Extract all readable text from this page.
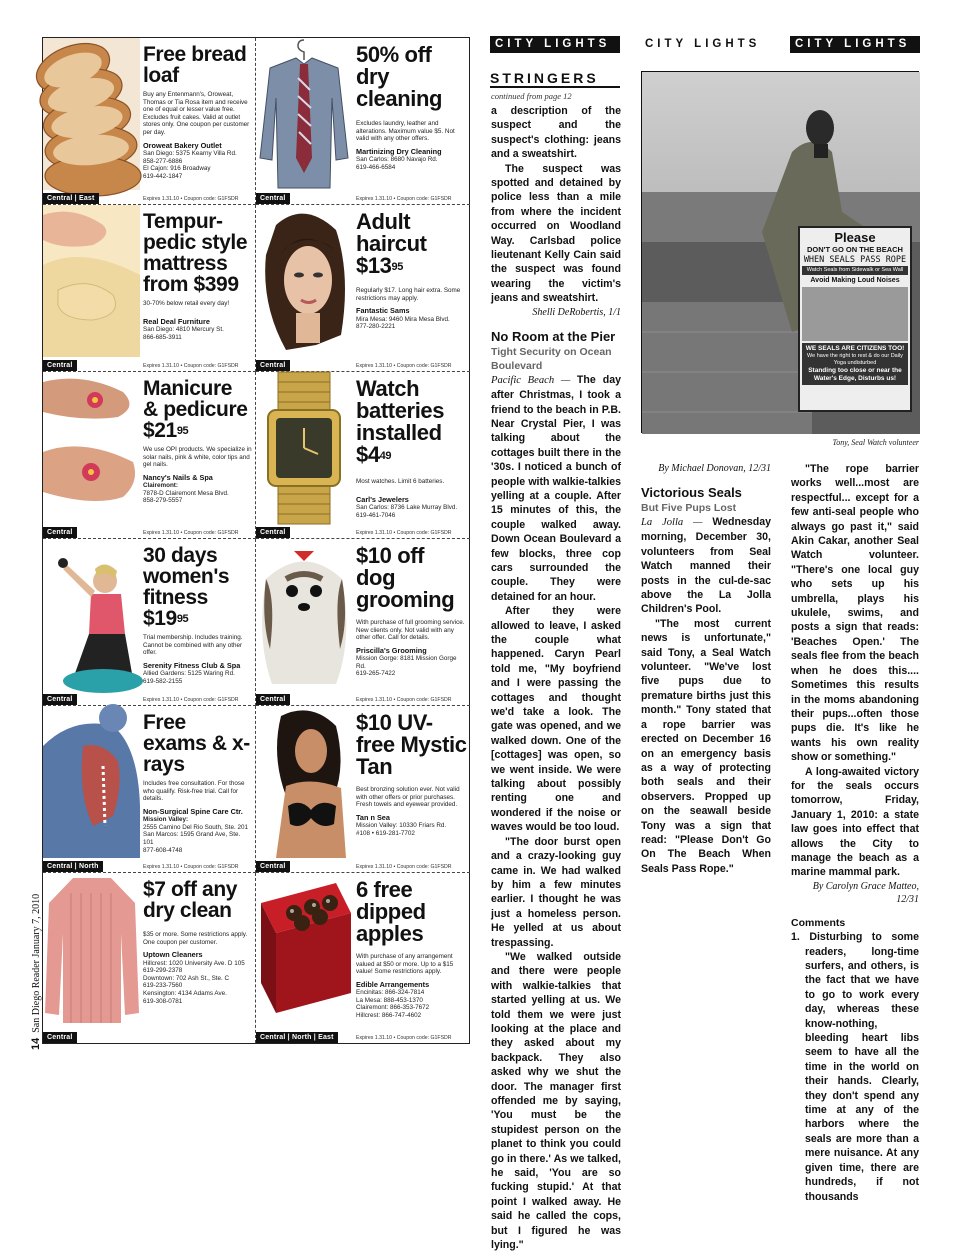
Free bread loaf
Buy any Entenmann's, Oroweat, Thomas or Tia Rosa item and receive one of equal or lesser value free. Excludes fruit cakes. Valid at outlet stores only. One coupon per customer per day.
Oroweat Bakery Outlet
San Diego: 5375 Kearny Villa Rd.
858-277-6886
El Cajon: 916 Broadway
619-442-1847
Central | East	Expires 1.31.10 • Coupon code: G1FSDR
50% off dry cleaning
Excludes laundry, leather and alterations. Maximum value $5. Not valid with any other offers.
Martinizing Dry Cleaning
San Carlos: 8680 Navajo Rd.
619-466-6584
Central	Expires 1.31.10 • Coupon code: G1FSDR
Tempur-pedic style mattress from $399
30-70% below retail every day!
Real Deal Furniture
San Diego: 4810 Mercury St.
866-685-3911
Central	Expires 1.31.10 • Coupon code: G1FSDR
Adult haircut $\$13^{95}$
Regularly $17. Long hair extra. Some restrictions may apply.
Fantastic Sams
Mira Mesa: 9460 Mira Mesa Blvd.
877-280-2221
Central	Expires 1.31.10 • Coupon code: G1FSDR
Manicure & pedicure $\$21^{95}$
We use OPI products. We specialize in solar nails, pink & white, color tips and gel nails.
Nancy's Nails & Spa
Clairemont:
7878-D Clairemont Mesa Blvd.
858-279-5557
Central	Expires 1.31.10 • Coupon code: G1FSDR
Watch batteries installed $\$4^{49}$
Most watches. Limit 6 batteries.
Carl's Jewelers
San Carlos: 8736 Lake Murray Blvd.
619-461-7046
Central	Expires 1.31.10 • Coupon code: G1FSDR
30 days women's fitness $\$19^{95}$
Trial membership. Includes training. Cannot be combined with any other offer.
Serenity Fitness Club & Spa
Allied Gardens: 5125 Waring Rd.
619-582-2155
Central	Expires 1.31.10 • Coupon code: G1FSDR
$10 off dog grooming
With purchase of full grooming service. New clients only. Not valid with any other offer. Call for details.
Priscilla's Grooming
Mission Gorge: 8181 Mission Gorge Rd.
619-265-7422
Central	Expires 1.31.10 • Coupon code: G1FSDR
Free exams & x-rays
Includes free consultation. For those who qualify. Risk-free trial. Call for details.
Non-Surgical Spine Care Ctr.
Mission Valley:
2555 Camino Del Rio South, Ste. 201
San Marcos: 1595 Grand Ave, Ste. 101
877-608-4748
Central | North	Expires 1.31.10 • Coupon code: G1FSDR
$10 UV-free Mystic Tan
Best bronzing solution ever. Not valid with other offers or prior purchases. Fresh towels and eyewear provided.
Tan n Sea
Mission Valley: 10330 Friars Rd.
#108 • 619-281-7702
Central	Expires 1.31.10 • Coupon code: G1FSDR
$7 off any dry clean
$35 or more. Some restrictions apply. One coupon per customer.
Uptown Cleaners
Hillcrest: 1020 University Ave. D 105
619-299-2378
Downtown: 702 Ash St., Ste. C
619-233-7560
Kensington: 4134 Adams Ave.
619-308-0781
Central
6 free dipped apples
With purchase of any arrangement valued at $50 or more. Up to a $15 value! Some restrictions apply.
Edible Arrangements
Encinitas: 866-324-7814
La Mesa: 888-453-1370
Clairemont: 866-353-7672
Hillcrest: 866-747-4602
Central | North | East	Expires 1.31.10 • Coupon code: G1FSDR
14San Diego Reader January 7, 2010
CITY LIGHTS	CITY LIGHTS	CITY LIGHTS
STRINGERS
continued from page 12

a description of the suspect and the suspect's clothing: jeans and a sweatshirt.

The suspect was spotted and detained by police less than a mile from where the incident occurred on Woodland Way. Carlsbad police lieutenant Kelly Cain said the suspect was found wearing the victim's jeans and sweatshirt.

Shelli DeRobertis, 1/1
No Room at the Pier
Tight Security on Ocean Boulevard

Pacific Beach — The day after Christmas, I took a friend to the beach in P.B. Near Crystal Pier, I was talking about the cottages built there in the '30s. I noticed a bunch of people with walkie-talkies yelling at a couple. After 15 minutes of this, the couple walked away. Down Ocean Boulevard a few blocks, three cop cars surrounded the couple. They were detained for an hour.

After they were allowed to leave, I asked the couple what happened. Caryn Pearl told me, "My boyfriend and I were passing the cottages and thought we'd take a look. The gate was opened, and we walked down. One of the [cottages] was open, so we went inside. We were talking about possibly renting one and wondered if the noise or waves would be too loud.

"The door burst open and a crazy-looking guy came in. We had walked by him a few minutes earlier. I thought he was just a homeless person. He yelled at us about trespassing.

"We walked outside and there were people with walkie-talkies that started yelling at us. We told them we were just looking at the place and they asked about my backpack. They also asked why we shut the door. The manager first offended me by saying, 'You must be the stupidest person on the planet to think you could go in there.' As we talked, he said, 'You are so fucking stupid.' At that point I walked away. He said he called the cops, but I figured he was lying."

By Michael Donovan, 12/31
Victorious Seals
But Five Pups Lost

La Jolla — Wednesday morning, December 30, volunteers from Seal Watch manned their posts in the cul-de-sac above the La Jolla Children's Pool.

"The most current news is unfortunate," said Tony, a Seal Watch volunteer. "We've lost five pups due to premature births just this month." Tony stated that a rope barrier was erected on December 16 on an emergency basis as a way of protecting both seals and their observers. Propped up on the seawall beside Tony was a sign that read: "Please Don't Go On The Beach When Seals Pass Rope."

"The rope barrier works well...most are respectful... except for a few anti-seal people who always go past it," said Akin Cakar, another Seal Watch volunteer. "There's one local guy who sets up his umbrella, plays his ukulele, swims, and posts a sign that reads: 'Beaches Open.' The seals flee from the beach when he does this.... Sometimes this results in the moms abandoning their pups...often those pups die. It's like he wants his own reality show or something."

A long-awaited victory for the seals occurs tomorrow, Friday, January 1, 2010: a state law goes into effect that allows the City to manage the beach as a marine mammal park.

By Carolyn Grace Matteo, 12/31
Comments

1. Disturbing to some readers, long-time surfers, and others, is the fact that we have to go to work every day, whereas these know-nothing, bleeding heart libs seem to have all the time in the world on their hands. Clearly, they don't spend any time at any of the harbors where the seals are more than a mere nuisance. At any given time, there are hundreds, if not thousands

Please
DON'T GO ON THE BEACH
WHEN SEALS PASS ROPE
Watch Seals from Sidewalk or Sea Wall
Avoid Making Loud Noises
WE SEALS ARE CITIZENS TOO!
We have the right to rest & do our Daily Yoga undisturbed
Standing too close or near the Water's Edge, Disturbs us!
Tony, Seal Watch volunteer
